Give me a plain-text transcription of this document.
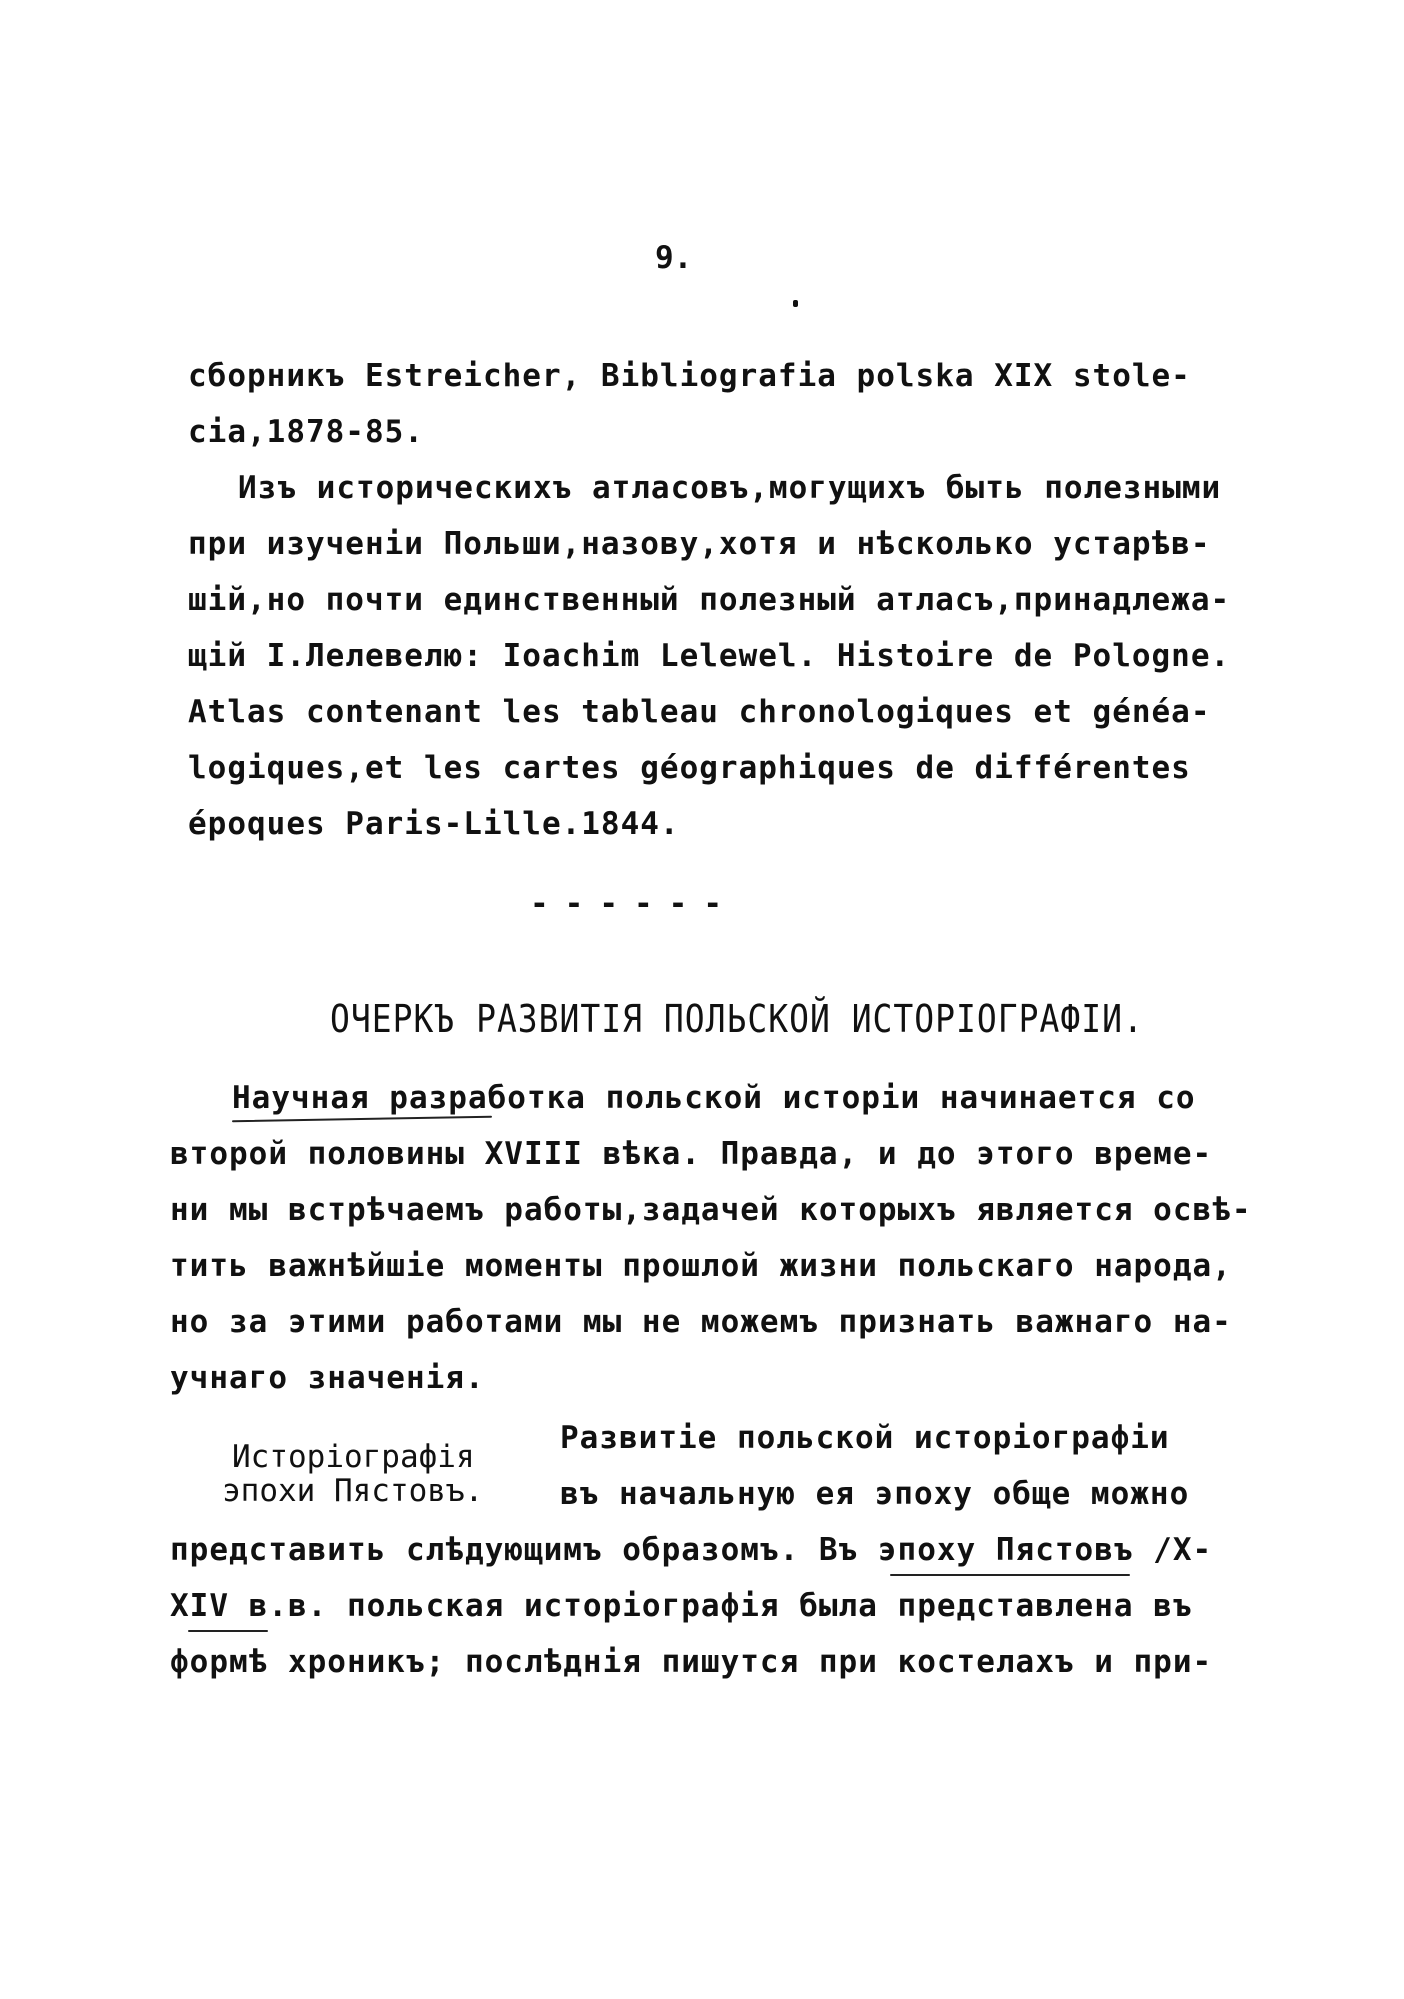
9.
сборникъ Estreicher, Bibliografia polska XIX stole-
cia,1878-85.
Изъ историческихъ атласовъ,могущихъ быть полезными
при изученіи Польши,назову,хотя и нѣсколько устарѣв-
шій,но почти единственный полезный атласъ,принадлежа-
щій I.Лелевелю: Ioachim Lelewel. Histoire de Pologne.
Atlas contenant les tableau chronologiques et généa-
logiques,et les cartes géographiques de différentes
époques Paris-Lille.1844.
------
ОЧЕРКЪ РАЗВИТІЯ ПОЛЬСКОЙ ИСТОРІОГРАФІИ.
Научная разработка польской исторіи начинается со
второй половины XVIII вѣка. Правда, и до этого време-
ни мы встрѣчаемъ работы,задачей которыхъ является освѣ-
тить важнѣйшіе моменты прошлой жизни польскаго народа,
но за этими работами мы не можемъ признать важнаго на-
учнаго значенія.
Исторіографія
эпохи Пястовъ.
Развитіе польской исторіографіи
въ начальную ея эпоху обще можно
представить слѣдующимъ образомъ. Въ эпоху Пястовъ /X-
XIV в.в. польская исторіографія была представлена въ
формѣ хроникъ; послѣднія пишутся при костелахъ и при-
